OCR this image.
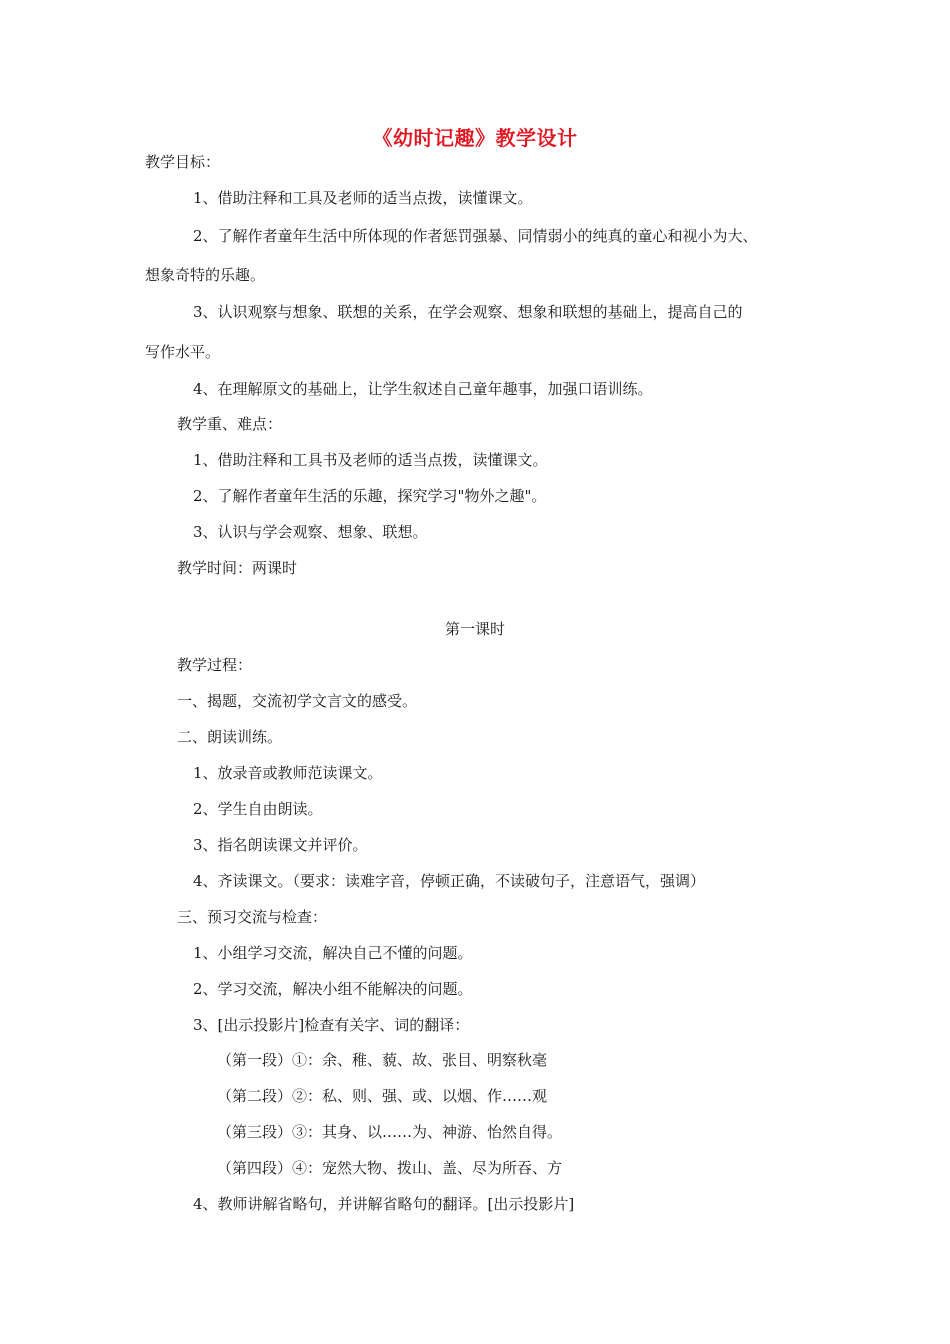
《幼时记趣》教学设计
教学目标：
1、借助注释和工具及老师的适当点拨，读懂课文。
2、了解作者童年生活中所体现的作者惩罚强暴、同情弱小的纯真的童心和视小为大、
想象奇特的乐趣。
3、认识观察与想象、联想的关系，在学会观察、想象和联想的基础上，提高自己的
写作水平。
4、在理解原文的基础上，让学生叙述自己童年趣事，加强口语训练。
教学重、难点：
1、借助注释和工具书及老师的适当点拨，读懂课文。
2、了解作者童年生活的乐趣，探究学习"物外之趣"。
3、认识与学会观察、想象、联想。
教学时间：两课时
第一课时
教学过程：
一、揭题，交流初学文言文的感受。
二、朗读训练。
1、放录音或教师范读课文。
2、学生自由朗读。
3、指名朗读课文并评价。
4、齐读课文。（要求：读难字音，停顿正确，不读破句子，注意语气，强调）
三、预习交流与检查：
1、小组学习交流，解决自己不懂的问题。
2、学习交流，解决小组不能解决的问题。
3、[出示投影片]检查有关字、词的翻译：
（第一段）①：余、稚、藐、故、张目、明察秋毫
（第二段）②：私、则、强、或、以烟、作……观
（第三段）③：其身、以……为、神游、怡然自得。
（第四段）④：宠然大物、拨山、盖、尽为所吞、方
4、教师讲解省略句，并讲解省略句的翻译。[出示投影片]
